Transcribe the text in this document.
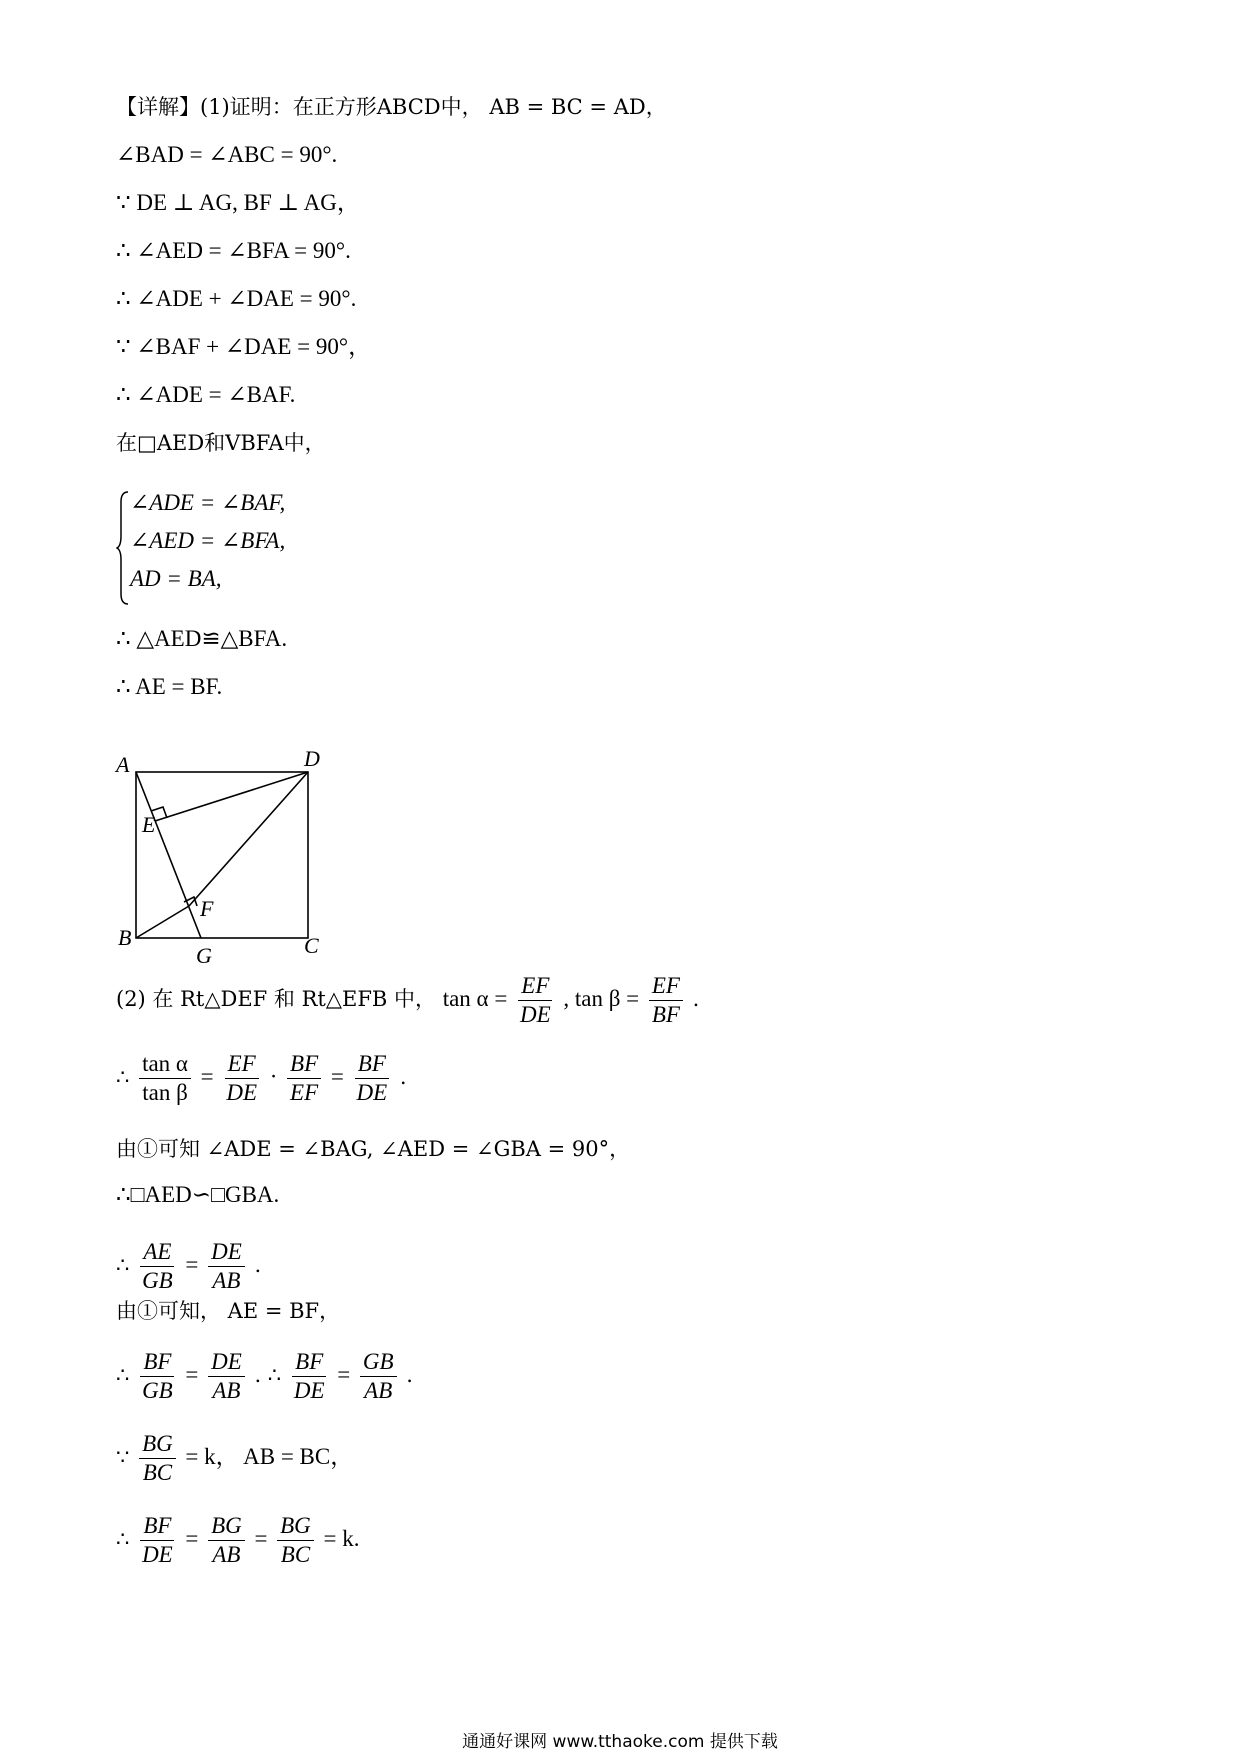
【详解】(1)证明：在正方形ABCD中， AB = BC = AD，
∠BAD = ∠ABC = 90°.
∵ DE ⊥ AG, BF ⊥ AG，
∴ ∠AED = ∠BFA = 90°.
∴ ∠ADE + ∠DAE = 90°.
∵ ∠BAF + ∠DAE = 90°，
∴ ∠ADE = ∠BAF.
在□AED和VBFA中，
∠ADE = ∠BAF,
∠AED = ∠BFA,
AD = BA,
∴ △AED≌△BFA.
∴ AE = BF.
A	D
E
F
B
G	C
(2) 在 Rt△DEF 和 Rt△EFB 中， $\tan \alpha = \frac{EF}{DE}$ , $\tan \beta = \frac{EF}{BF}$ .
∴ $\frac{\text{tan α}}{\text{tan β}} = \frac{EF}{DE} \cdot \frac{BF}{EF} = \frac{BF}{DE}$ .
由①可知 ∠ADE = ∠BAG, ∠AED = ∠GBA = 90°，
∴□AED∽□GBA.
∴ $\frac{AE}{GB} = \frac{DE}{AB}$ .
由①可知， AE = BF，
∴ $\frac{BF}{GB} = \frac{DE}{AB}$ . ∴ $\frac{BF}{DE} = \frac{GB}{AB}$ .
∵ $\frac{BG}{BC} = k$， AB = BC，
∴ $\frac{BF}{DE} = \frac{BG}{AB} = \frac{BG}{BC} = k$.
通通好课网 www.tthaoke.com 提供下载
